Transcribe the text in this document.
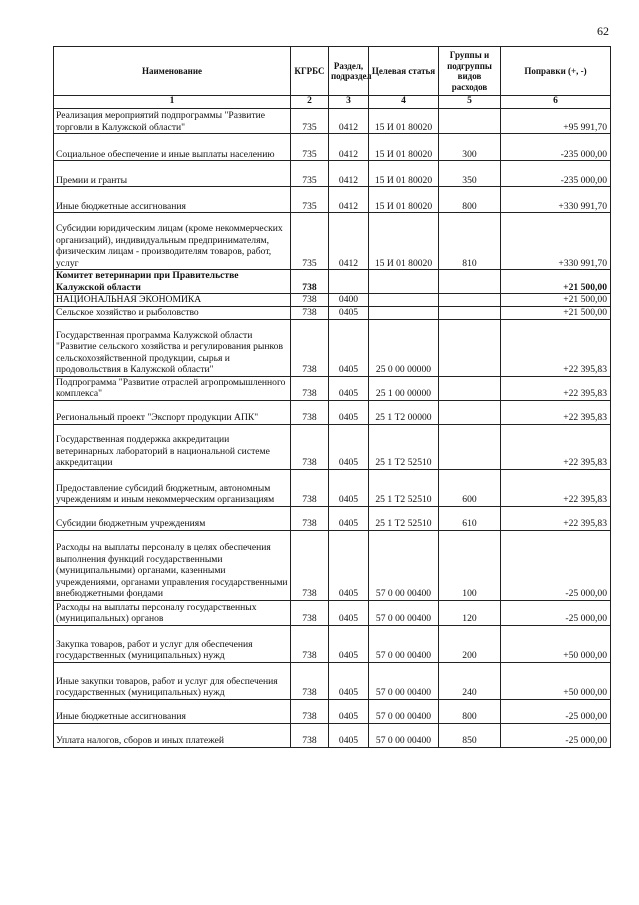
62
Наименование	КГРБС	Раздел, подраздел	Целевая статья	Группы и подгруппы видов расходов	Поправки (+, -)
1	2	3	4	5	6
Реализация мероприятий подпрограммы "Развитие торговли в Калужской области"	735	0412	15 И 01 80020		+95 991,70
Социальное обеспечение и иные выплаты населению	735	0412	15 И 01 80020	300	-235 000,00
Премии и гранты	735	0412	15 И 01 80020	350	-235 000,00
Иные бюджетные ассигнования	735	0412	15 И 01 80020	800	+330 991,70
Субсидии юридическим лицам (кроме некоммерческих организаций), индивидуальным предпринимателям, физическим лицам - производителям товаров, работ, услуг	735	0412	15 И 01 80020	810	+330 991,70
Комитет ветеринарии при Правительстве Калужской области	738				+21 500,00
НАЦИОНАЛЬНАЯ ЭКОНОМИКА	738	0400			+21 500,00
Сельское хозяйство и рыболовство	738	0405			+21 500,00
Государственная программа Калужской области "Развитие сельского хозяйства и регулирования рынков сельскохозяйственной продукции, сырья и продовольствия в Калужской области"	738	0405	25 0 00 00000		+22 395,83
Подпрограмма "Развитие отраслей агропромышленного комплекса"	738	0405	25 1 00 00000		+22 395,83
Региональный проект "Экспорт продукции АПК"	738	0405	25 1 Т2 00000		+22 395,83
Государственная поддержка аккредитации ветеринарных лабораторий в национальной системе аккредитации	738	0405	25 1 Т2 52510		+22 395,83
Предоставление субсидий бюджетным, автономным учреждениям и иным некоммерческим организациям	738	0405	25 1 Т2 52510	600	+22 395,83
Субсидии бюджетным учреждениям	738	0405	25 1 Т2 52510	610	+22 395,83
Расходы на выплаты персоналу в целях обеспечения выполнения функций государственными (муниципальными) органами, казенными учреждениями, органами управления государственными внебюджетными фондами	738	0405	57 0 00 00400	100	-25 000,00
Расходы на выплаты персоналу государственных (муниципальных) органов	738	0405	57 0 00 00400	120	-25 000,00
Закупка товаров, работ и услуг для обеспечения государственных (муниципальных) нужд	738	0405	57 0 00 00400	200	+50 000,00
Иные закупки товаров, работ и услуг для обеспечения государственных (муниципальных) нужд	738	0405	57 0 00 00400	240	+50 000,00
Иные бюджетные ассигнования	738	0405	57 0 00 00400	800	-25 000,00
Уплата налогов, сборов и иных платежей	738	0405	57 0 00 00400	850	-25 000,00
